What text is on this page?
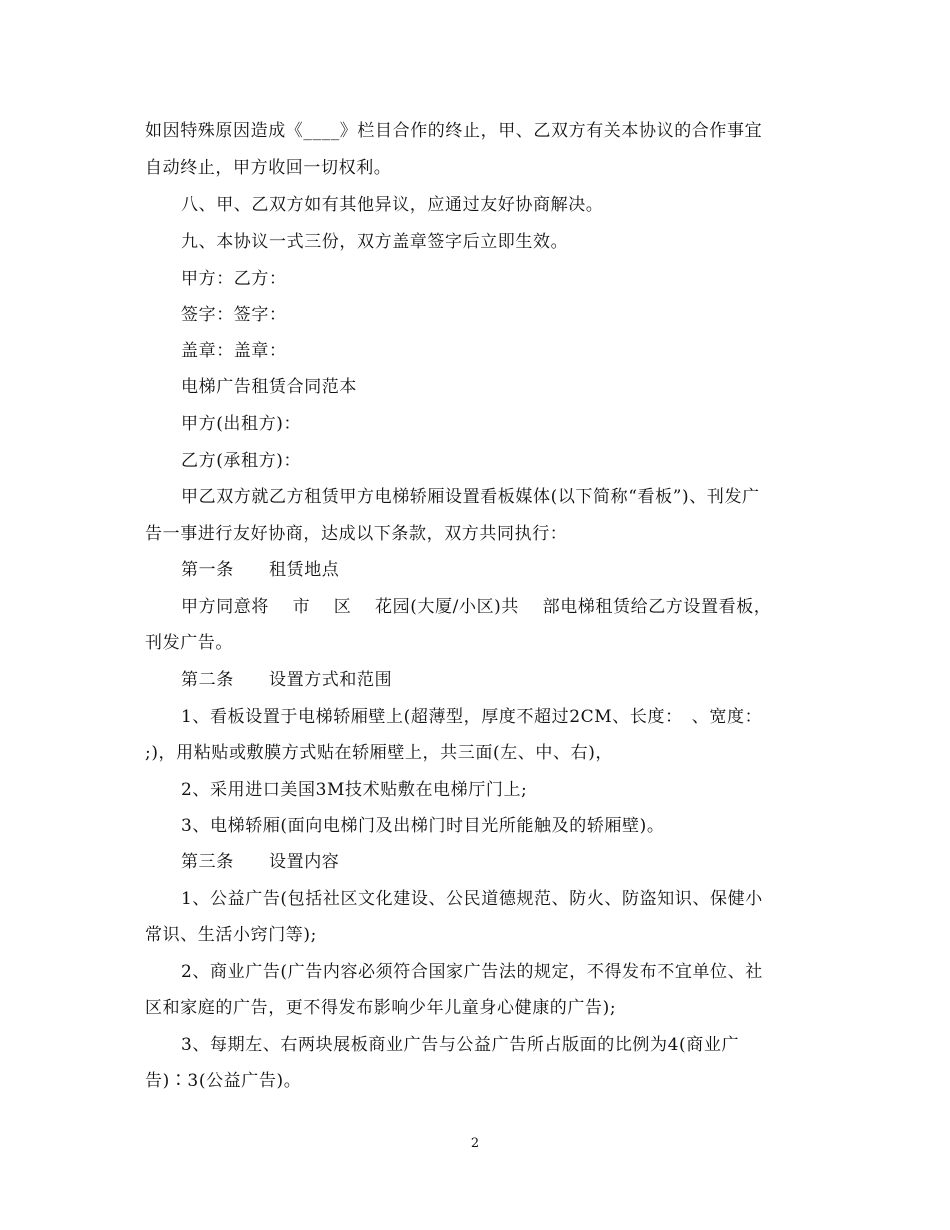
如因特殊原因造成《____》栏目合作的终止，甲、乙双方有关本协议的合作事宜
自动终止，甲方收回一切权利。
八、甲、乙双方如有其他异议，应通过友好协商解决。
九、本协议一式三份，双方盖章签字后立即生效。
甲方：乙方：
签字：签字：
盖章：盖章：
电梯广告租赁合同范本
甲方(出租方)：
乙方(承租方)：
甲乙双方就乙方租赁甲方电梯轿厢设置看板媒体(以下简称“看板”)、刊发广
告一事进行友好协商，达成以下条款，双方共同执行：
第一条　　租赁地点
甲方同意将　 市　 区　 花园(大厦/小区)共　 部电梯租赁给乙方设置看板，
刊发广告。
第二条　　设置方式和范围
1、看板设置于电梯轿厢壁上(超薄型，厚度不超过2CM、长度：　、宽度：
;)，用粘贴或敷膜方式贴在轿厢壁上，共三面(左、中、右)，
2、采用进口美国3M技术贴敷在电梯厅门上;
3、电梯轿厢(面向电梯门及出梯门时目光所能触及的轿厢壁)。
第三条　　设置内容
1、公益广告(包括社区文化建设、公民道德规范、防火、防盗知识、保健小
常识、生活小窍门等);
2、商业广告(广告内容必须符合国家广告法的规定，不得发布不宜单位、社
区和家庭的广告，更不得发布影响少年儿童身心健康的广告);
3、每期左、右两块展板商业广告与公益广告所占版面的比例为4(商业广
告)∶3(公益广告)。
2
